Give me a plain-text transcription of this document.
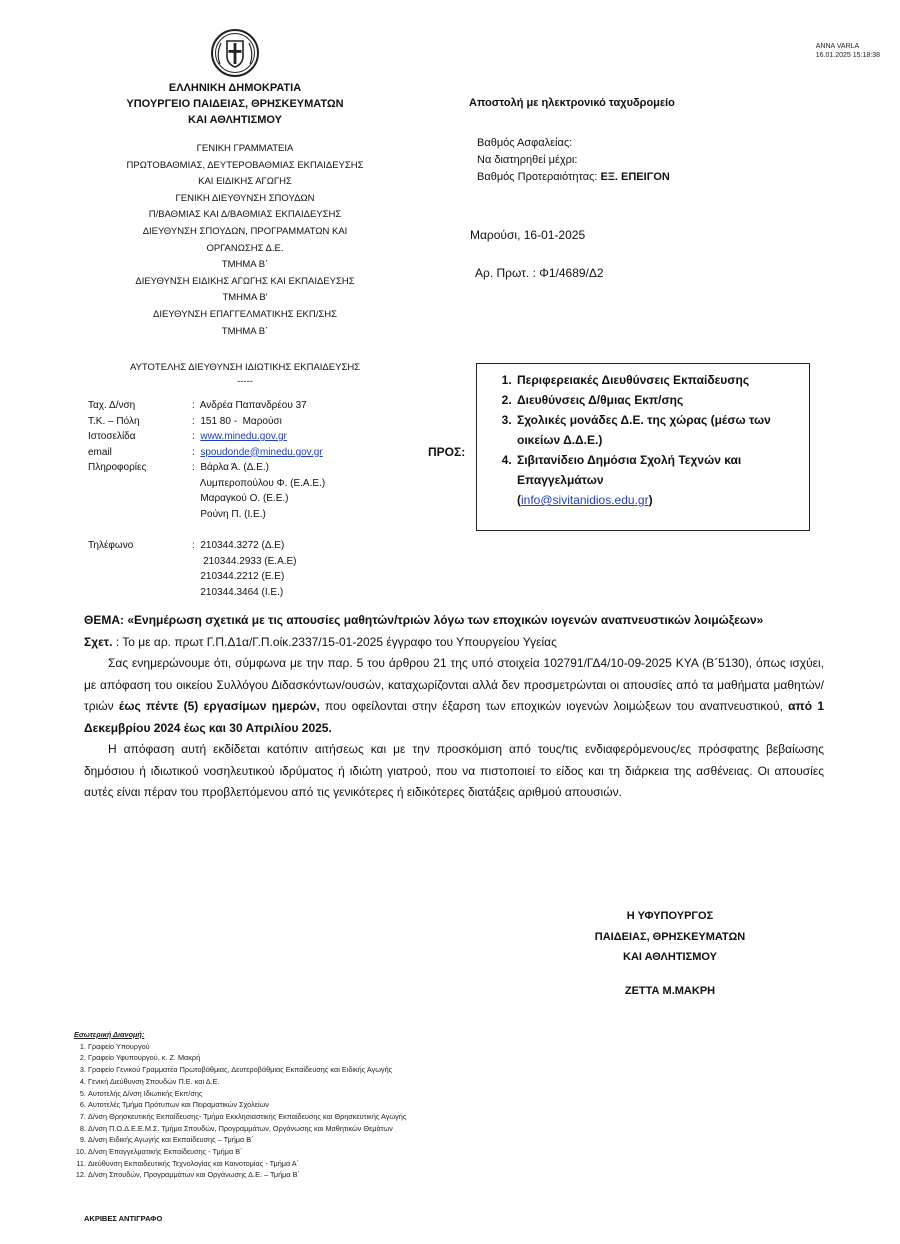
ANNA VARLA
16.01.2025 15:18:38
ΕΛΛΗΝΙΚΗ ΔΗΜΟΚΡΑΤΙΑ
ΥΠΟΥΡΓΕΙΟ ΠΑΙΔΕΙΑΣ, ΘΡΗΣΚΕΥΜΑΤΩΝ
ΚΑΙ ΑΘΛΗΤΙΣΜΟΥ
ΓΕΝΙΚΗ ΓΡΑΜΜΑΤΕΙΑ
ΠΡΩΤΟΒΑΘΜΙΑΣ, ΔΕΥΤΕΡΟΒΑΘΜΙΑΣ ΕΚΠΑΙΔΕΥΣΗΣ
ΚΑΙ ΕΙΔΙΚΗΣ ΑΓΩΓΗΣ
ΓΕΝΙΚΗ ΔΙΕΥΘΥΝΣΗ ΣΠΟΥΔΩΝ
Π/ΒΑΘΜΙΑΣ ΚΑΙ Δ/ΒΑΘΜΙΑΣ ΕΚΠΑΙΔΕΥΣΗΣ
ΔΙΕΥΘΥΝΣΗ ΣΠΟΥΔΩΝ, ΠΡΟΓΡΑΜΜΑΤΩΝ ΚΑΙ
ΟΡΓΑΝΩΣΗΣ Δ.Ε.
ΤΜΗΜΑ Β΄
ΔΙΕΥΘΥΝΣΗ ΕΙΔΙΚΗΣ ΑΓΩΓΗΣ ΚΑΙ ΕΚΠΑΙΔΕΥΣΗΣ
ΤΜΗΜΑ Β'
ΔΙΕΥΘΥΝΣΗ ΕΠΑΓΓΕΛΜΑΤΙΚΗΣ ΕΚΠ/ΣΗΣ
ΤΜΗΜΑ Β΄
ΑΥΤΟΤΕΛΗΣ ΔΙΕΥΘΥΝΣΗ ΙΔΙΩΤΙΚΗΣ ΕΚΠΑΙΔΕΥΣΗΣ
-----
Ταχ. Δ/νση	:  Ανδρέα Παπανδρέου 37
Τ.Κ. – Πόλη	:  151 80 -  Μαρούσι
Ιστοσελίδα	: www.minedu.gov.gr
email	: spoudonde@minedu.gov.gr
Πληροφορίες	:  Βάρλα Ά. (Δ.Ε.)
Λυμπεροπούλου Φ. (Ε.Α.Ε.)
Μαραγκού Ο. (Ε.Ε.)
Ρούνη Π. (Ι.Ε.)
Τηλέφωνο	:  210344.3272 (Δ.Ε)
210344.2933 (Ε.Α.Ε)
210344.2212 (Ε.Ε)
210344.3464 (Ι.Ε.)
Αποστολή με ηλεκτρονικό ταχυδρομείο
Βαθμός Ασφαλείας:
Να διατηρηθεί μέχρι:
Βαθμός Προτεραιότητας: ΕΞ. ΕΠΕΙΓΟΝ
Μαρούσι, 16-01-2025
Αρ. Πρωτ. : Φ1/4689/Δ2
ΠΡΟΣ:
1. Περιφερειακές Διευθύνσεις Εκπαίδευσης
2. Διευθύνσεις Δ/θμιας Εκπ/σης
3. Σχολικές μονάδες Δ.Ε. της χώρας (μέσω των οικείων Δ.Δ.Ε.)
4. Σιβιτανίδειο Δημόσια Σχολή Τεχνών και Επαγγελμάτων
(info@sivitanidios.edu.gr)

ΘΕΜΑ: «Ενημέρωση σχετικά με τις απουσίες μαθητών/τριών λόγω των εποχικών ιογενών αναπνευστικών λοιμώξεων»

Σχετ. : Το με αρ. πρωτ Γ.Π.Δ1α/Γ.Π.οίκ.2337/15-01-2025 έγγραφο του Υπουργείου Υγείας

Σας ενημερώνουμε ότι, σύμφωνα με την παρ. 5 του άρθρου 21 της υπό στοιχεία 102791/ΓΔ4/10-09-2025 ΚΥΑ (Β΄5130), όπως ισχύει, με απόφαση του οικείου Συλλόγου Διδασκόντων/ουσών, καταχωρίζονται αλλά δεν προσμετρώνται οι απουσίες από τα μαθήματα μαθητών/τριών έως πέντε (5) εργασίμων ημερών, που οφείλονται στην έξαρση των εποχικών ιογενών λοιμώξεων του αναπνευστικού, από 1 Δεκεμβρίου 2024 έως και 30 Απριλίου 2025.

Η απόφαση αυτή εκδίδεται κατόπιν αιτήσεως και με την προσκόμιση από τους/τις ενδιαφερόμενους/ες πρόσφατης βεβαίωσης δημόσιου ή ιδιωτικού νοσηλευτικού ιδρύματος ή ιδιώτη γιατρού, που να πιστοποιεί το είδος και τη διάρκεια της ασθένειας. Οι απουσίες αυτές είναι πέραν του προβλεπόμενου από τις γενικότερες ή ειδικότερες διατάξεις αριθμού απουσιών.

Η ΥΦΥΠΟΥΡΓΟΣ
ΠΑΙΔΕΙΑΣ, ΘΡΗΣΚΕΥΜΑΤΩΝ
ΚΑΙ ΑΘΛΗΤΙΣΜΟΥ
ΖΕΤΤΑ Μ.ΜΑΚΡΗ
Εσωτερική Διανομή:
1. Γραφείο Υπουργού
2. Γραφείο Υφυπουργού, κ. Ζ. Μακρή
3. Γραφείο Γενικού Γραμματέα Πρωτοβάθμιας, Δευτεροβάθμιας Εκπαίδευσης και Ειδικής Αγωγής
4. Γενική Διεύθυνση Σπουδών Π.Ε. και Δ.Ε.
5. Αυτοτελής Δ/νση Ιδιωτικής Εκπ/σης
6. Αυτοτελές Τμήμα Πρότυπων και Πειραματικών Σχολείων
7. Δ/νση Θρησκευτικής Εκπαίδευσης- Τμήμα Εκκλησιαστικής Εκπαίδευσης και Θρησκευτικής Αγωγής
8. Δ/νση Π.Ο.Δ.Ε.Ε.Μ.Σ. Τμήμα Σπουδών, Προγραμμάτων, Οργάνωσης και Μαθητικών Θεμάτων
9. Δ/νση Ειδικής Αγωγής και Εκπαίδευσης – Τμήμα Β΄
10. Δ/νση Επαγγελματικής Εκπαίδευσης - Τμήμα Β΄
11. Διεύθυνση Εκπαιδευτικής Τεχνολογίας και Καινοτομίας - Τμήμα Α΄
12. Δ/νση Σπουδών, Προγραμμάτων και Οργάνωσης Δ.Ε. – Τμήμα Β΄
ΑΚΡΙΒΕΣ ΑΝΤΙΓΡΑΦΟ
